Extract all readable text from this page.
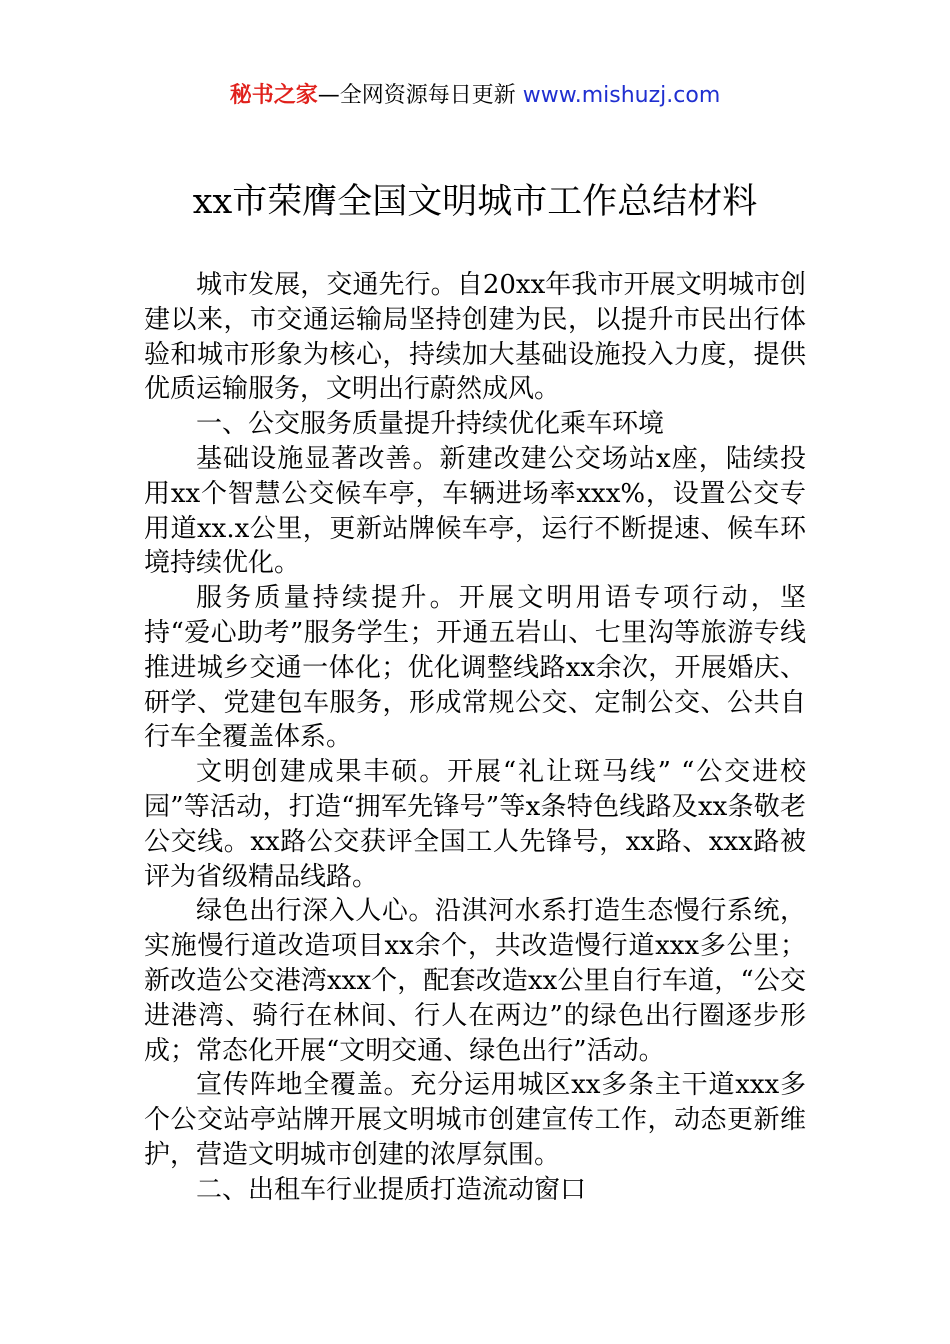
秘书之家—全网资源每日更新 www.mishuzj.com
xx市荣膺全国文明城市工作总结材料

城市发展，交通先行。自20xx年我市开展文明城市创建以来，市交通运输局坚持创建为民，以提升市民出行体验和城市形象为核心，持续加大基础设施投入力度，提供优质运输服务，文明出行蔚然成风。

一、公交服务质量提升持续优化乘车环境

基础设施显著改善。新建改建公交场站x座，陆续投用xx个智慧公交候车亭，车辆进场率xxx%，设置公交专用道xx.x公里，更新站牌候车亭，运行不断提速、候车环境持续优化。

服务质量持续提升。开展文明用语专项行动，坚持“爱心助考”服务学生；开通五岩山、七里沟等旅游专线推进城乡交通一体化；优化调整线路xx余次，开展婚庆、研学、党建包车服务，形成常规公交、定制公交、公共自行车全覆盖体系。

文明创建成果丰硕。开展“礼让斑马线” “公交进校园”等活动，打造“拥军先锋号”等x条特色线路及xx条敬老公交线。xx路公交获评全国工人先锋号，xx路、xxx路被评为省级精品线路。

绿色出行深入人心。沿淇河水系打造生态慢行系统，实施慢行道改造项目xx余个，共改造慢行道xxx多公里；新改造公交港湾xxx个，配套改造xx公里自行车道，“公交进港湾、骑行在林间、行人在两边”的绿色出行圈逐步形成；常态化开展“文明交通、绿色出行”活动。

宣传阵地全覆盖。充分运用城区xx多条主干道xxx多个公交站亭站牌开展文明城市创建宣传工作，动态更新维护，营造文明城市创建的浓厚氛围。

二、出租车行业提质打造流动窗口
